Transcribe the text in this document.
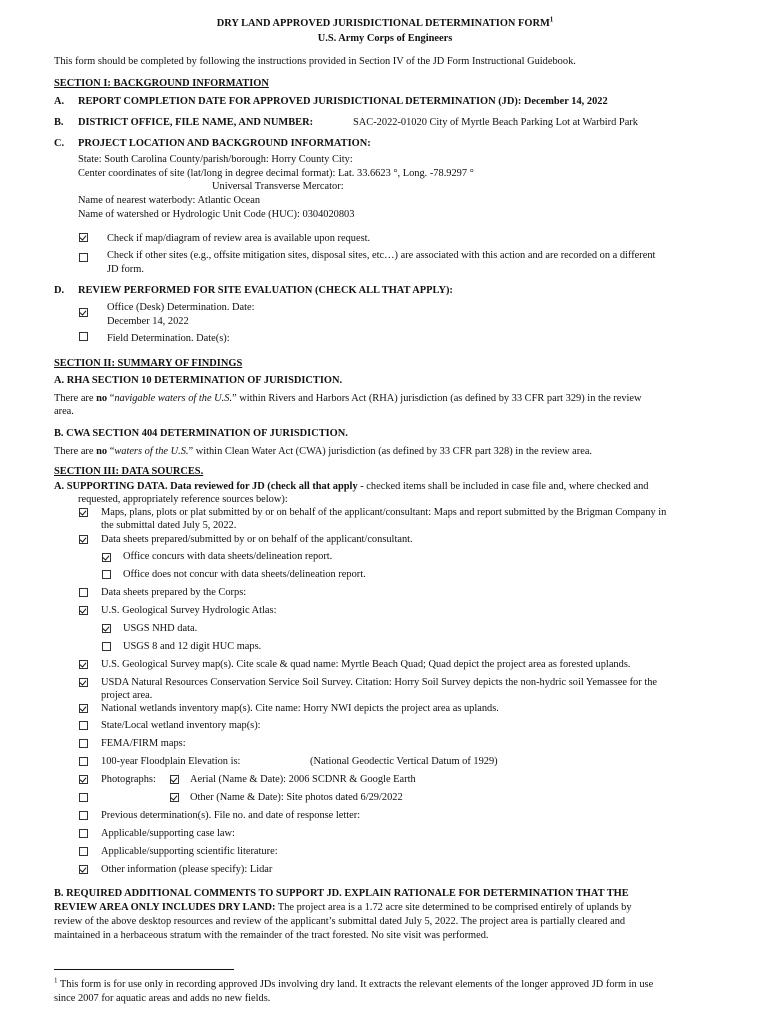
DRY LAND APPROVED JURISDICTIONAL DETERMINATION FORM$^1$
U.S. Army Corps of Engineers
This form should be completed by following the instructions provided in Section IV of the JD Form Instructional Guidebook.
SECTION I: BACKGROUND INFORMATION
A. REPORT COMPLETION DATE FOR APPROVED JURISDICTIONAL DETERMINATION (JD): December 14, 2022
B. DISTRICT OFFICE, FILE NAME, AND NUMBER:	SAC-2022-01020 City of Myrtle Beach Parking Lot at Warbird Park
C. PROJECT LOCATION AND BACKGROUND INFORMATION:
State: South Carolina County/parish/borough: Horry County City:
Center coordinates of site (lat/long in degree decimal format): Lat. 33.6623 °, Long. -78.9297 °
Universal Transverse Mercator:
Name of nearest waterbody: Atlantic Ocean
Name of watershed or Hydrologic Unit Code (HUC): 0304020803
Check if map/diagram of review area is available upon request.
Check if other sites (e.g., offsite mitigation sites, disposal sites, etc…) are associated with this action and are recorded on a different
JD form.
D. REVIEW PERFORMED FOR SITE EVALUATION (CHECK ALL THAT APPLY):
Office (Desk) Determination. Date:
December 14, 2022
Field Determination. Date(s):
SECTION II: SUMMARY OF FINDINGS
A. RHA SECTION 10 DETERMINATION OF JURISDICTION.
There are no “navigable waters of the U.S.” within Rivers and Harbors Act (RHA) jurisdiction (as defined by 33 CFR part 329) in the review
area.
B. CWA SECTION 404 DETERMINATION OF JURISDICTION.
There are no “waters of the U.S.” within Clean Water Act (CWA) jurisdiction (as defined by 33 CFR part 328) in the review area.
SECTION III: DATA SOURCES.
A. SUPPORTING DATA. Data reviewed for JD (check all that apply - checked items shall be included in case file and, where checked and
requested, appropriately reference sources below):
Maps, plans, plots or plat submitted by or on behalf of the applicant/consultant: Maps and report submitted by the Brigman Company in
the submittal dated July 5, 2022.
Data sheets prepared/submitted by or on behalf of the applicant/consultant.
Office concurs with data sheets/delineation report.
Office does not concur with data sheets/delineation report.
Data sheets prepared by the Corps:
U.S. Geological Survey Hydrologic Atlas:
USGS NHD data.
USGS 8 and 12 digit HUC maps.
U.S. Geological Survey map(s). Cite scale & quad name: Myrtle Beach Quad; Quad depict the project area as forested uplands.
USDA Natural Resources Conservation Service Soil Survey. Citation: Horry Soil Survey depicts the non-hydric soil Yemassee for the
project area.
National wetlands inventory map(s). Cite name: Horry NWI depicts the project area as uplands.
State/Local wetland inventory map(s):
FEMA/FIRM maps:
100-year Floodplain Elevation is:	(National Geodectic Vertical Datum of 1929)
Photographs:	Aerial (Name & Date): 2006 SCDNR & Google Earth
Other (Name & Date): Site photos dated 6/29/2022
Previous determination(s). File no. and date of response letter:
Applicable/supporting case law:
Applicable/supporting scientific literature:
Other information (please specify): Lidar
B. REQUIRED ADDITIONAL COMMENTS TO SUPPORT JD. EXPLAIN RATIONALE FOR DETERMINATION THAT THE
REVIEW AREA ONLY INCLUDES DRY LAND: The project area is a 1.72 acre site determined to be comprised entirely of uplands by
review of the above desktop resources and review of the applicant’s submittal dated July 5, 2022. The project area is partially cleared and
maintained in a herbaceous stratum with the remainder of the tract forested. No site visit was performed.
$^1$ This form is for use only in recording approved JDs involving dry land. It extracts the relevant elements of the longer approved JD form in use
since 2007 for aquatic areas and adds no new fields.
